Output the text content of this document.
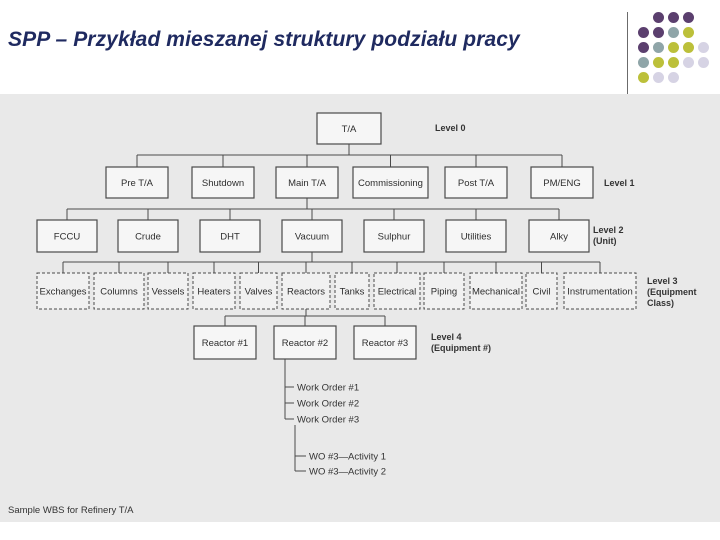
SPP – Przykład mieszanej struktury podziału pracy
T/A	Level 0
Pre T/A	Shutdown	Main T/A	Commissioning	Post T/A	PM/ENG	Level 1
FCCU	Crude	DHT	Vacuum	Sulphur	Utilities	Alky
Level 2
(Unit)
Exchanges Columns Vessels Heaters Valves Reactors Tanks Electrical Piping Mechanical Civil Instrumentation
Level 3
(Equipment
Class)
Reactor #1	Reactor #2	Reactor #3
Level 4
(Equipment #)
Work Order #1
Work Order #2
Work Order #3
WO #3—Activity 1
WO #3—Activity 2
Sample WBS for Refinery T/A
